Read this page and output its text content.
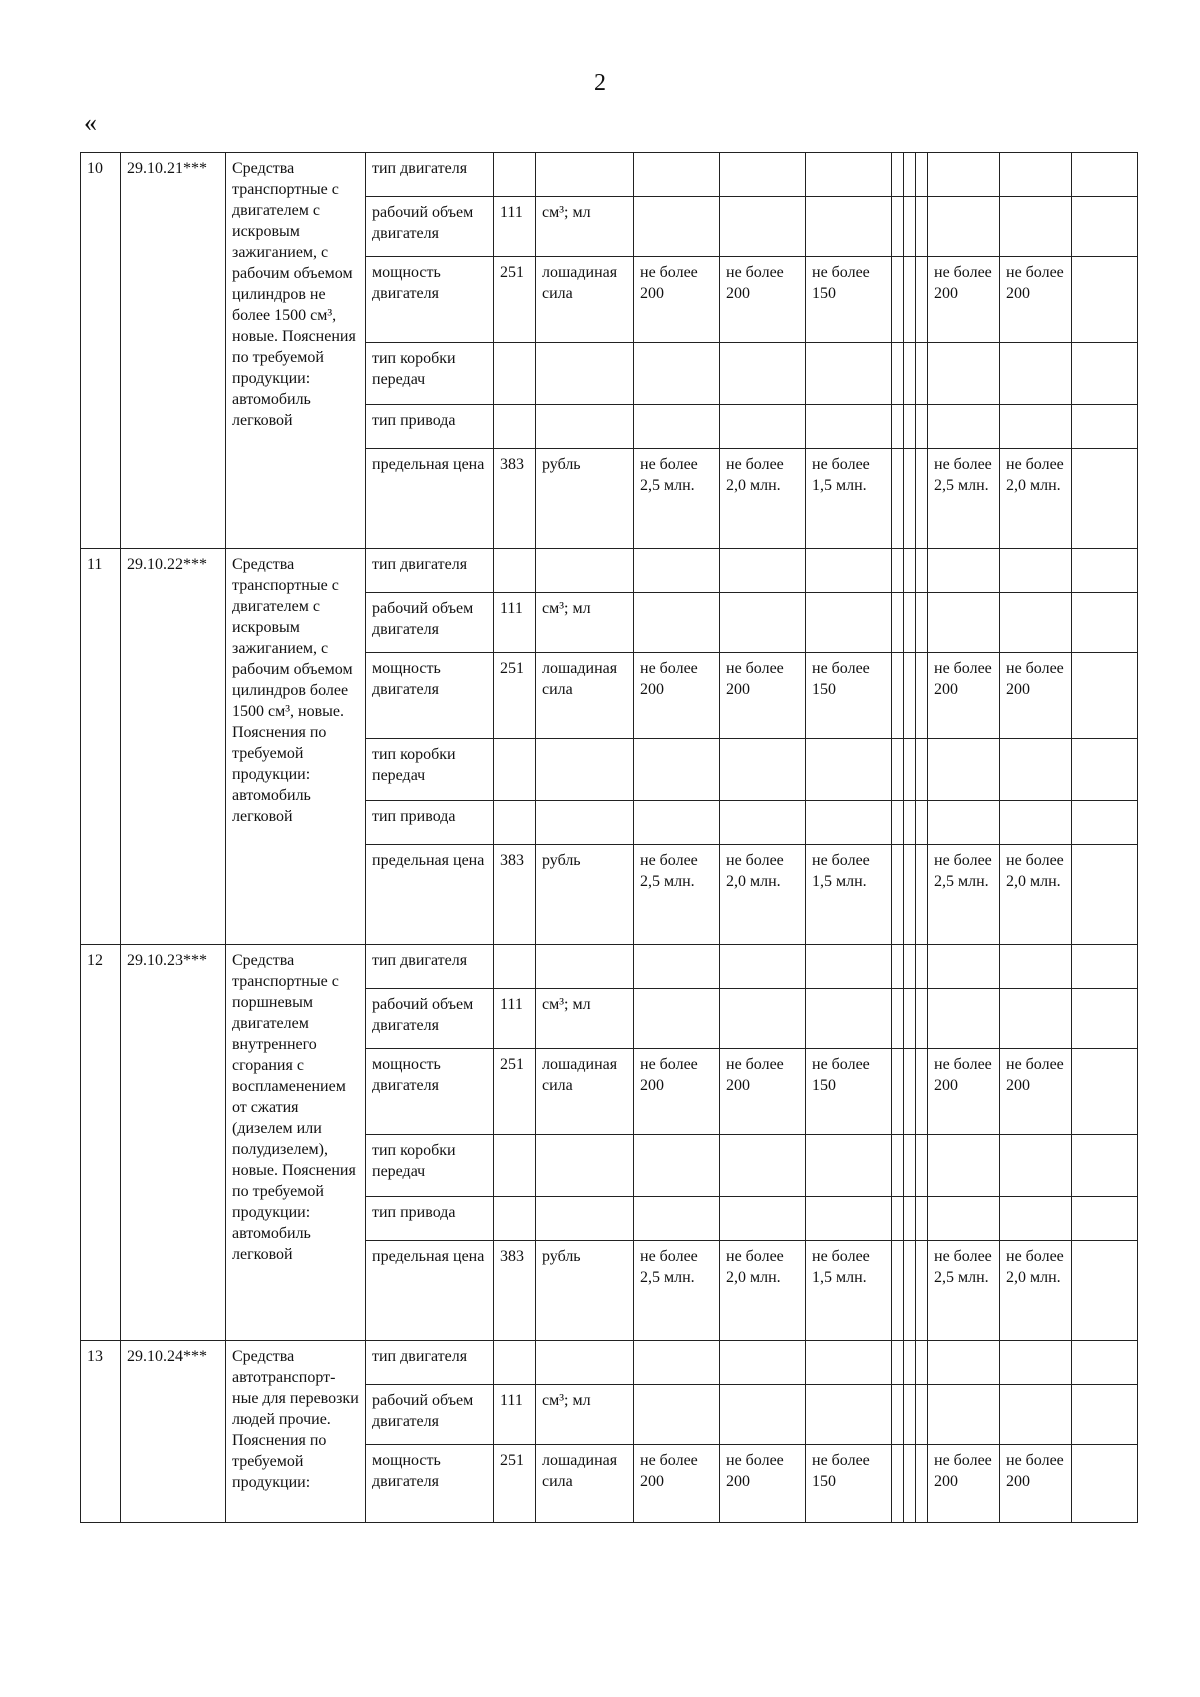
2
«
10	29.10.21***	Средства транспортные с двигателем с искровым зажиганием, с рабочим объемом цилиндров не более 1500 см³, новые. Пояснения по требуемой продукции: автомобиль легковой	тип двигателя											
			рабочий объем двигателя	111	см³; мл									
			мощность двигателя	251	лошадиная сила	не более 200	не более 200	не более 150				не более 200	не более 200	
			тип коробки передач											
			тип привода											
			предельная цена	383	рубль	не более 2,5 млн.	не более 2,0 млн.	не более 1,5 млн.				не более 2,5 млн.	не более 2,0 млн.	
11	29.10.22***	Средства транспортные с двигателем с искровым зажиганием, с рабочим объемом цилиндров более 1500 см³, новые. Пояснения по требуемой продукции: автомобиль легковой	тип двигателя											
			рабочий объем двигателя	111	см³; мл									
			мощность двигателя	251	лошадиная сила	не более 200	не более 200	не более 150				не более 200	не более 200	
			тип коробки передач											
			тип привода											
			предельная цена	383	рубль	не более 2,5 млн.	не более 2,0 млн.	не более 1,5 млн.				не более 2,5 млн.	не более 2,0 млн.	
12	29.10.23***	Средства транспортные с поршневым двигателем внутреннего сгорания с воспламенением от сжатия (дизелем или полудизелем), новые. Пояснения по требуемой продукции: автомобиль легковой	тип двигателя											
			рабочий объем двигателя	111	см³; мл									
			мощность двигателя	251	лошадиная сила	не более 200	не более 200	не более 150				не более 200	не более 200	
			тип коробки передач											
			тип привода											
			предельная цена	383	рубль	не более 2,5 млн.	не более 2,0 млн.	не более 1,5 млн.				не более 2,5 млн.	не более 2,0 млн.	
13	29.10.24***	Средства автотранспорт- ные для перевозки людей прочие. Пояснения по требуемой продукции:	тип двигателя											
			рабочий объем двигателя	111	см³; мл									
			мощность двигателя	251	лошадиная сила	не более 200	не более 200	не более 150				не более 200	не более 200	
